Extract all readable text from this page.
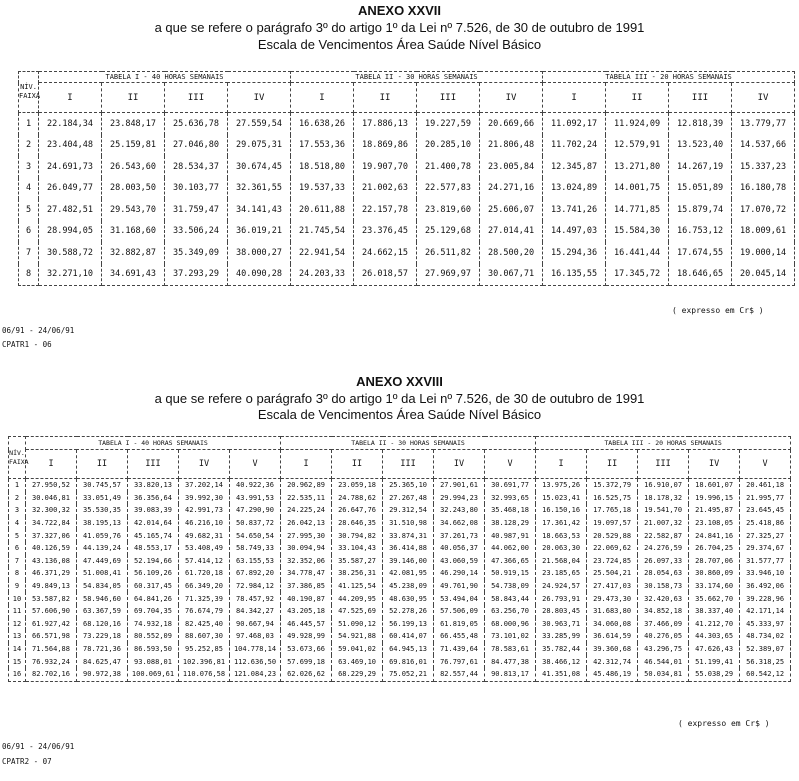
ANEXO XXVII
a que se refere o parágrafo 3º do artigo 1º da Lei nº 7.526, de 30 de outubro de 1991
Escala de Vencimentos Área Saúde Nível Básico
NÍV.
FAIXA	TABELA I - 40 HORAS SEMANAIS				TABELA II - 30 HORAS SEMANAIS				TABELA III - 20 HORAS SEMANAIS			
	I	II	III	IV	I	II	III	IV	I	II	III	IV
1	22.184,34	23.848,17	25.636,78	27.559,54	16.638,26	17.886,13	19.227,59	20.669,66	11.092,17	11.924,09	12.818,39	13.779,77
2	23.404,48	25.159,81	27.046,80	29.075,31	17.553,36	18.869,86	20.285,10	21.806,48	11.702,24	12.579,91	13.523,40	14.537,66
3	24.691,73	26.543,60	28.534,37	30.674,45	18.518,80	19.907,70	21.400,78	23.005,84	12.345,87	13.271,80	14.267,19	15.337,23
4	26.049,77	28.003,50	30.103,77	32.361,55	19.537,33	21.002,63	22.577,83	24.271,16	13.024,89	14.001,75	15.051,89	16.180,78
5	27.482,51	29.543,70	31.759,47	34.141,43	20.611,88	22.157,78	23.819,60	25.606,07	13.741,26	14.771,85	15.879,74	17.070,72
6	28.994,05	31.168,60	33.506,24	36.019,21	21.745,54	23.376,45	25.129,68	27.014,41	14.497,03	15.584,30	16.753,12	18.009,61
7	30.588,72	32.882,87	35.349,09	38.000,27	22.941,54	24.662,15	26.511,82	28.500,20	15.294,36	16.441,44	17.674,55	19.000,14
8	32.271,10	34.691,43	37.293,29	40.090,28	24.203,33	26.018,57	27.969,97	30.067,71	16.135,55	17.345,72	18.646,65	20.045,14
( expresso em Cr$ )
06/91 - 24/06/91
CPATR1 - 06
ANEXO XXVIII
a que se refere o parágrafo 3º do artigo 1º da Lei nº 7.526, de 30 de outubro de 1991
Escala de Vencimentos Área Saúde Nível Básico
NÍV.
FAIXA	TABELA I - 40 HORAS SEMANAIS					TABELA II - 30 HORAS SEMANAIS					TABELA III - 20 HORAS SEMANAIS				
	I	II	III	IV	V	I	II	III	IV	V	I	II	III	IV	V
1	27.950,52	30.745,57	33.820,13	37.202,14	40.922,36	20.962,89	23.059,18	25.365,10	27.901,61	30.691,77	13.975,26	15.372,79	16.910,07	18.601,07	20.461,18
2	30.046,81	33.051,49	36.356,64	39.992,30	43.991,53	22.535,11	24.788,62	27.267,48	29.994,23	32.993,65	15.023,41	16.525,75	18.178,32	19.996,15	21.995,77
3	32.300,32	35.530,35	39.083,39	42.991,73	47.290,90	24.225,24	26.647,76	29.312,54	32.243,80	35.468,18	16.150,16	17.765,18	19.541,70	21.495,87	23.645,45
4	34.722,84	38.195,13	42.014,64	46.216,10	50.837,72	26.042,13	28.646,35	31.510,98	34.662,08	38.128,29	17.361,42	19.097,57	21.007,32	23.108,05	25.418,86
5	37.327,06	41.059,76	45.165,74	49.682,31	54.650,54	27.995,30	30.794,82	33.874,31	37.261,73	40.987,91	18.663,53	20.529,88	22.582,87	24.841,16	27.325,27
6	40.126,59	44.139,24	48.553,17	53.408,49	58.749,33	30.094,94	33.104,43	36.414,88	40.056,37	44.062,00	20.063,30	22.069,62	24.276,59	26.704,25	29.374,67
7	43.136,08	47.449,69	52.194,66	57.414,12	63.155,53	32.352,06	35.587,27	39.146,00	43.060,59	47.366,65	21.568,04	23.724,85	26.097,33	28.707,06	31.577,77
8	46.371,29	51.008,41	56.109,26	61.720,18	67.892,20	34.778,47	38.256,31	42.081,95	46.290,14	50.919,15	23.185,65	25.504,21	28.054,63	30.860,09	33.946,10
9	49.849,13	54.834,05	60.317,45	66.349,20	72.984,12	37.386,85	41.125,54	45.238,09	49.761,90	54.738,09	24.924,57	27.417,03	30.158,73	33.174,60	36.492,06
10	53.587,82	58.946,60	64.841,26	71.325,39	78.457,92	40.190,87	44.209,95	48.630,95	53.494,04	58.843,44	26.793,91	29.473,30	32.420,63	35.662,70	39.228,96
11	57.606,90	63.367,59	69.704,35	76.674,79	84.342,27	43.205,18	47.525,69	52.278,26	57.506,09	63.256,70	28.803,45	31.683,80	34.852,18	38.337,40	42.171,14
12	61.927,42	68.120,16	74.932,18	82.425,40	90.667,94	46.445,57	51.090,12	56.199,13	61.819,05	68.000,96	30.963,71	34.060,08	37.466,09	41.212,70	45.333,97
13	66.571,98	73.229,18	80.552,09	88.607,30	97.468,03	49.928,99	54.921,88	60.414,07	66.455,48	73.101,02	33.285,99	36.614,59	40.276,05	44.303,65	48.734,02
14	71.564,88	78.721,36	86.593,50	95.252,85	104.778,14	53.673,66	59.041,02	64.945,13	71.439,64	78.583,61	35.782,44	39.360,68	43.296,75	47.626,43	52.389,07
15	76.932,24	84.625,47	93.088,01	102.396,81	112.636,50	57.699,18	63.469,10	69.816,01	76.797,61	84.477,38	38.466,12	42.312,74	46.544,01	51.199,41	56.318,25
16	82.702,16	90.972,38	100.069,61	110.076,58	121.084,23	62.026,62	68.229,29	75.052,21	82.557,44	90.813,17	41.351,08	45.486,19	50.034,81	55.038,29	60.542,12
( expresso em Cr$ )
06/91 - 24/06/91
CPATR2 - 07
